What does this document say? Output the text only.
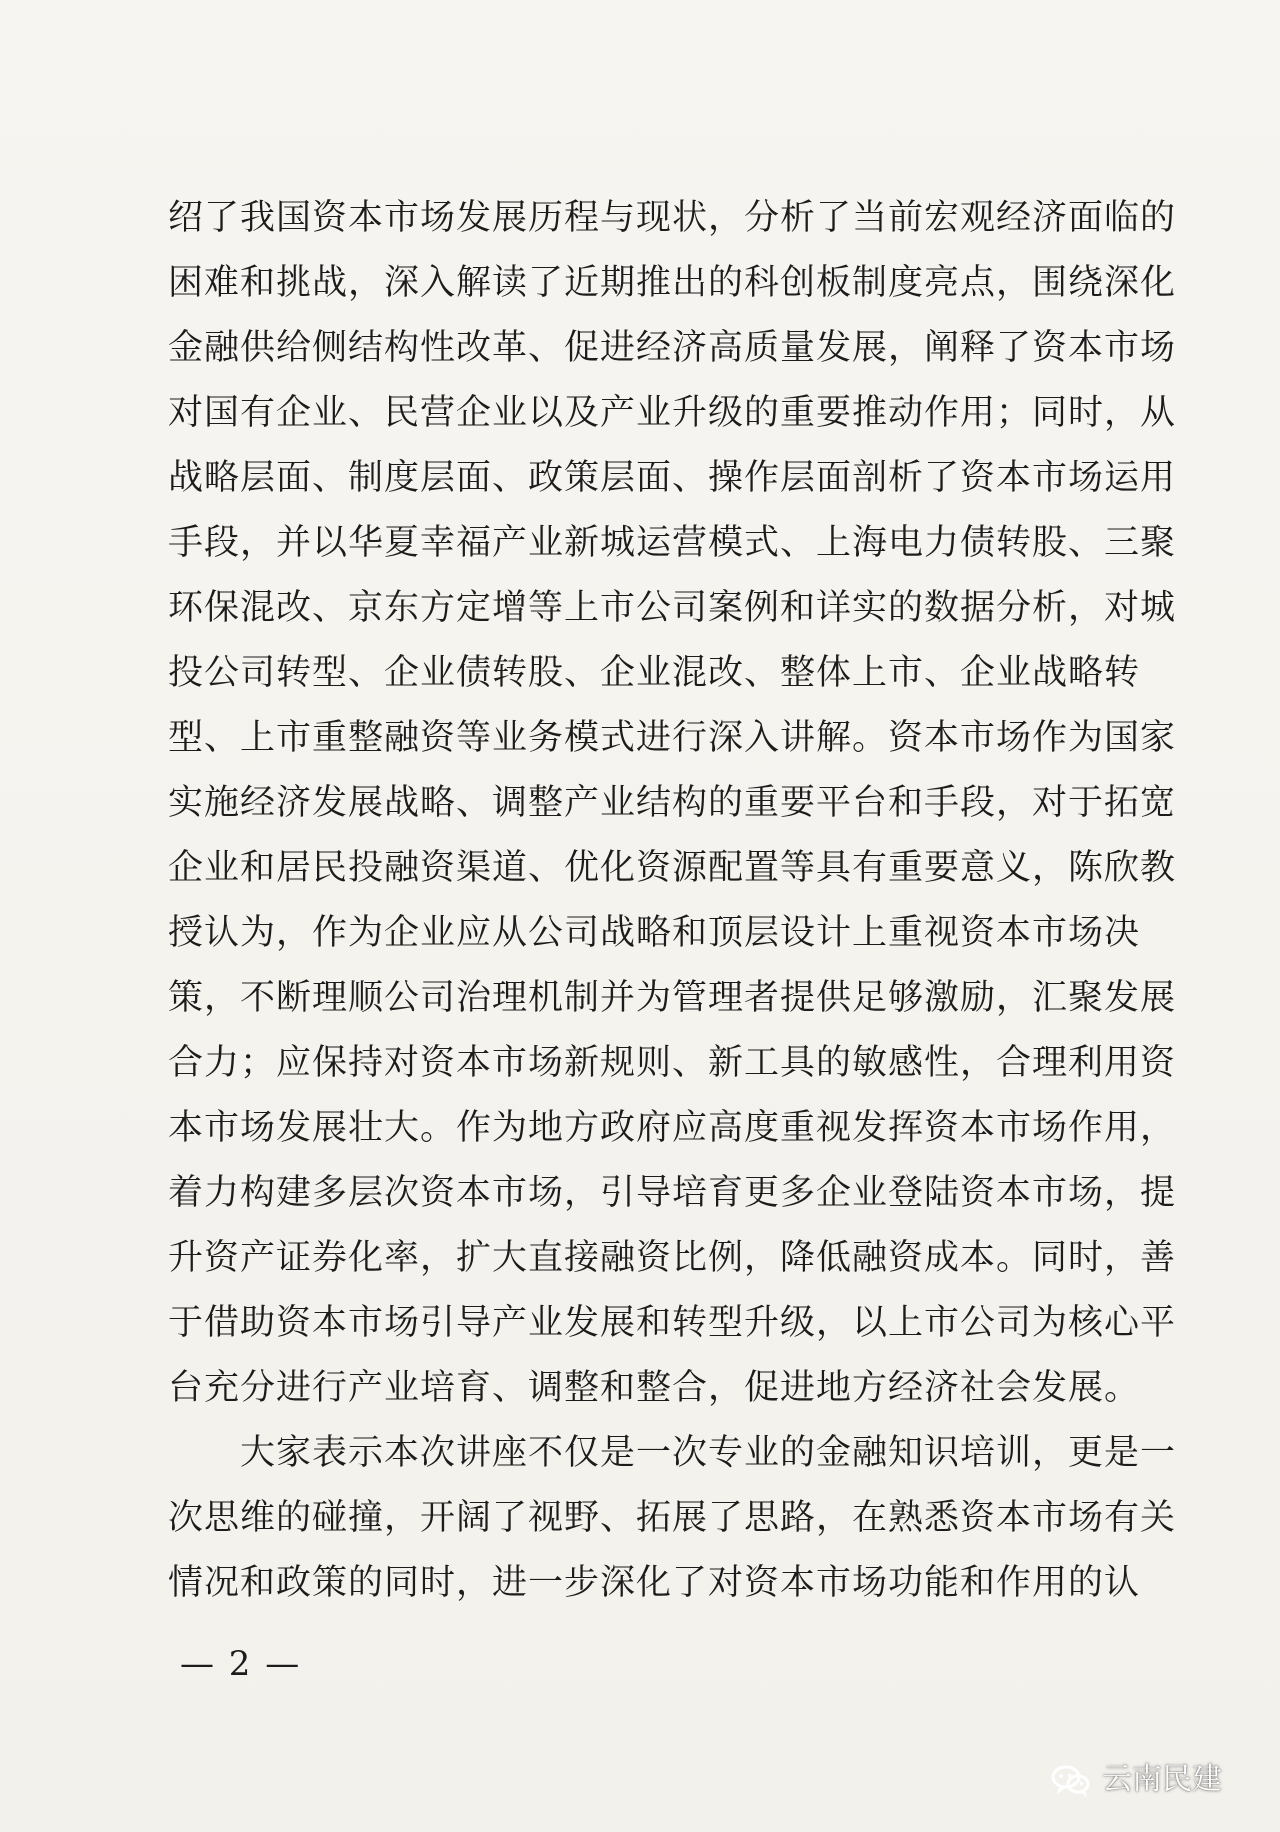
绍了我国资本市场发展历程与现状，分析了当前宏观经济面临的
困难和挑战，深入解读了近期推出的科创板制度亮点，围绕深化
金融供给侧结构性改革、促进经济高质量发展，阐释了资本市场
对国有企业、民营企业以及产业升级的重要推动作用；同时，从
战略层面、制度层面、政策层面、操作层面剖析了资本市场运用
手段，并以华夏幸福产业新城运营模式、上海电力债转股、三聚
环保混改、京东方定增等上市公司案例和详实的数据分析，对城
投公司转型、企业债转股、企业混改、整体上市、企业战略转
型、上市重整融资等业务模式进行深入讲解。资本市场作为国家
实施经济发展战略、调整产业结构的重要平台和手段，对于拓宽
企业和居民投融资渠道、优化资源配置等具有重要意义，陈欣教
授认为，作为企业应从公司战略和顶层设计上重视资本市场决
策，不断理顺公司治理机制并为管理者提供足够激励，汇聚发展
合力；应保持对资本市场新规则、新工具的敏感性，合理利用资
本市场发展壮大。作为地方政府应高度重视发挥资本市场作用，
着力构建多层次资本市场，引导培育更多企业登陆资本市场，提
升资产证券化率，扩大直接融资比例，降低融资成本。同时，善
于借助资本市场引导产业发展和转型升级，以上市公司为核心平
台充分进行产业培育、调整和整合，促进地方经济社会发展。
大家表示本次讲座不仅是一次专业的金融知识培训，更是一
次思维的碰撞，开阔了视野、拓展了思路，在熟悉资本市场有关
情况和政策的同时，进一步深化了对资本市场功能和作用的认
— 2 —
云南民建
